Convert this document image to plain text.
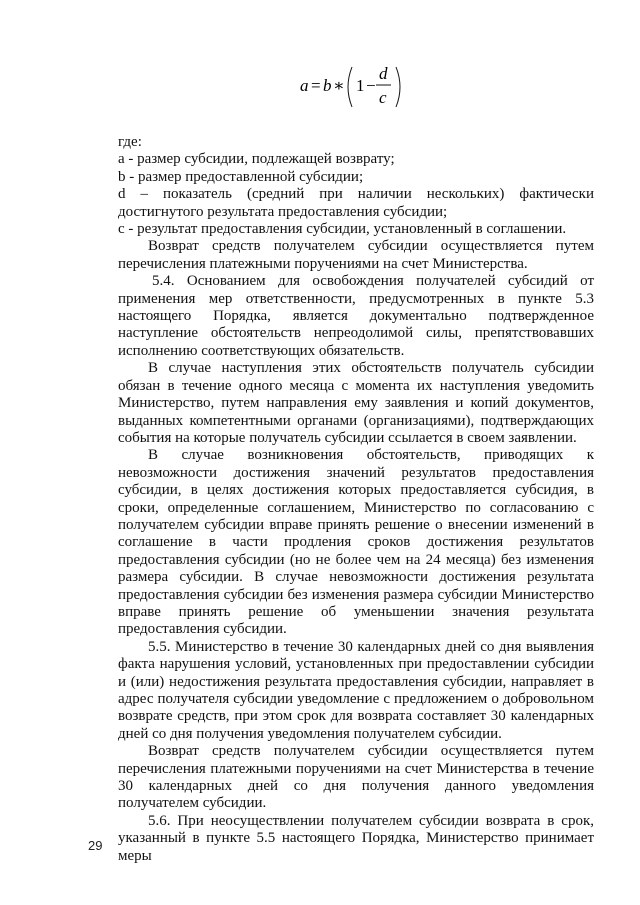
a = b ∗ 1 −
d
c

где:

a - размер субсидии, подлежащей возврату;

b - размер предоставленной субсидии;

d – показатель (средний при наличии нескольких) фактически достигнутого результата предоставления субсидии;

c - результат предоставления субсидии, установленный в соглашении.

Возврат средств получателем субсидии осуществляется путем перечисления платежными поручениями на счет Министерства.

5.4. Основанием для освобождения получателей субсидий от применения мер ответственности, предусмотренных в пункте 5.3 настоящего Порядка, является документально подтвержденное наступление обстоятельств непреодолимой силы, препятствовавших исполнению соответствующих обязательств.

В случае наступления этих обстоятельств получатель субсидии обязан в течение одного месяца с момента их наступления уведомить Министерство, путем направления ему заявления и копий документов, выданных компетентными органами (организациями), подтверждающих события на которые получатель субсидии ссылается в своем заявлении.

В случае возникновения обстоятельств, приводящих к невозможности достижения значений результатов предоставления субсидии, в целях достижения которых предоставляется субсидия, в сроки, определенные соглашением, Министерство по согласованию с получателем субсидии вправе принять решение о внесении изменений в соглашение в части продления сроков достижения результатов предоставления субсидии (но не более чем на 24 месяца) без изменения размера субсидии. В случае невозможности достижения результата предоставления субсидии без изменения размера субсидии Министерство вправе принять решение об уменьшении значения результата предоставления субсидии.

5.5. Министерство в течение 30 календарных дней со дня выявления факта нарушения условий, установленных при предоставлении субсидии и (или) недостижения результата предоставления субсидии, направляет в адрес получателя субсидии уведомление с предложением о добровольном возврате средств, при этом срок для возврата составляет 30 календарных дней со дня получения уведомления получателем субсидии.

Возврат средств получателем субсидии осуществляется путем перечисления платежными поручениями на счет Министерства в течение 30 календарных дней со дня получения данного уведомления получателем субсидии.

5.6. При неосуществлении получателем субсидии возврата в срок, указанный в пункте 5.5 настоящего Порядка, Министерство принимает меры

29
